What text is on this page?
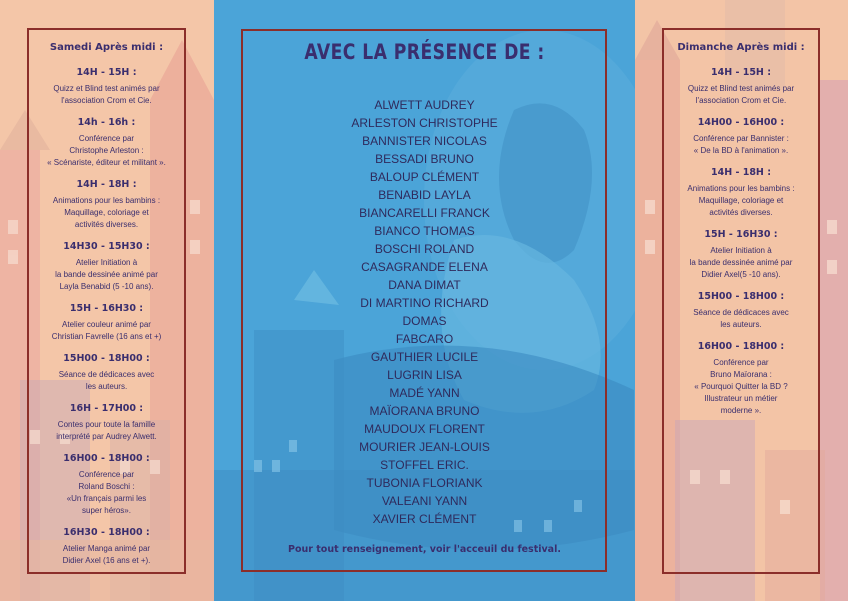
Samedi Après midi :
14H - 15H :
Quizz et Blind test animés par
l'association Crom et Cie.
14h - 16h :
Conférence par
Christophe Arleston :
« Scénariste, éditeur et militant ».
14H - 18H :
Animations pour les bambins :
Maquillage, coloriage et
activités diverses.
14H30 - 15H30 :
Atelier Initiation à
la bande dessinée animé par
Layla Benabid (5 -10 ans).
15H - 16H30 :
Atelier couleur animé par
Christian Favrelle (16 ans et +)
15H00 - 18H00 :
Séance de dédicaces avec
les auteurs.
16H - 17H00 :
Contes pour toute la famille
interprété par Audrey Alwett.
16H00 - 18H00 :
Conférence par
Roland Boschi :
«Un français parmi les
super héros».
16H30 - 18H00 :
Atelier Manga animé par
Didier Axel (16 ans et +).
AVEC LA PRÉSENCE DE :
ALWETT AUDREY
ARLESTON CHRISTOPHE
BANNISTER NICOLAS
BESSADI BRUNO
BALOUP CLÉMENT
BENABID LAYLA
BIANCARELLI FRANCK
BIANCO THOMAS
BOSCHI ROLAND
CASAGRANDE ELENA
DANA DIMAT
DI MARTINO RICHARD
DOMAS
FABCARO
GAUTHIER LUCILE
LUGRIN LISA
MADÉ YANN
MAÏORANA BRUNO
MAUDOUX FLORENT
MOURIER JEAN-LOUIS
STOFFEL ERIC.
TUBONIA FLORIANK
VALEANI YANN
XAVIER CLÉMENT
Pour tout renseignement, voir l'acceuil du festival.
Dimanche Après midi :
14H - 15H :
Quizz et Blind test animés par
l'association Crom et Cie.
14H00 - 16H00 :
Conférence par Bannister :
« De la BD à l'animation ».
14H - 18H :
Animations pour les bambins :
Maquillage, coloriage et
activités diverses.
15H - 16H30 :
Atelier Initiation à
la bande dessinée animé par
Didier Axel(5 -10 ans).
15H00 - 18H00 :
Séance de dédicaces avec
les auteurs.
16H00 - 18H00 :
Conférence par
Bruno Maïorana :
« Pourquoi Quitter la BD ?
Illustrateur un métier
moderne ».
